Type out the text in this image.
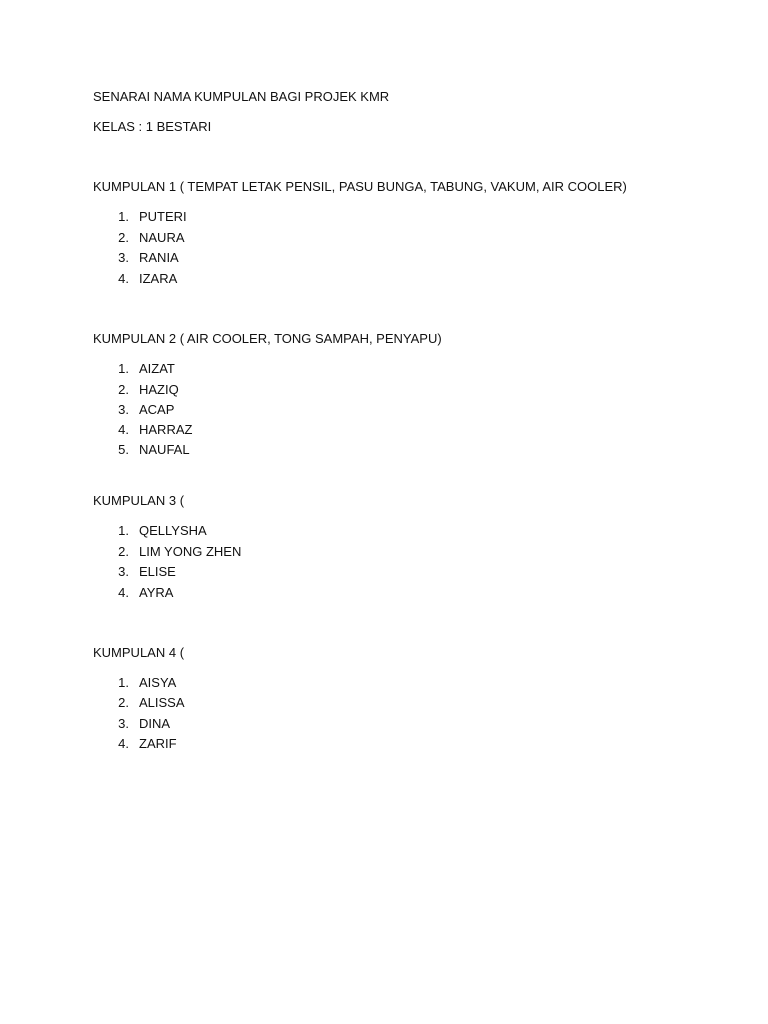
SENARAI NAMA KUMPULAN BAGI PROJEK KMR
KELAS : 1 BESTARI
KUMPULAN 1 ( TEMPAT LETAK PENSIL, PASU BUNGA, TABUNG, VAKUM, AIR COOLER)
1. PUTERI
2. NAURA
3. RANIA
4. IZARA
KUMPULAN 2 ( AIR COOLER, TONG SAMPAH, PENYAPU)
1. AIZAT
2. HAZIQ
3. ACAP
4. HARRAZ
5. NAUFAL
KUMPULAN 3 (
1. QELLYSHA
2. LIM YONG ZHEN
3. ELISE
4. AYRA
KUMPULAN 4 (
1. AISYA
2. ALISSA
3. DINA
4. ZARIF
